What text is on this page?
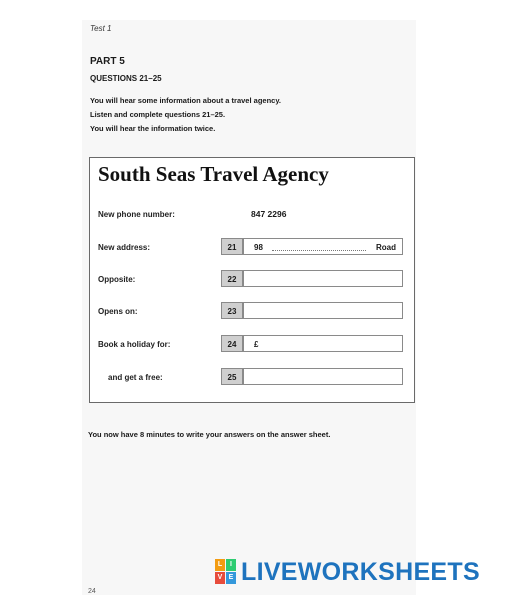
Test 1
PART 5
QUESTIONS 21–25
You will hear some information about a travel agency.
Listen and complete questions 21–25.
You will hear the information twice.
South Seas Travel Agency
New phone number:	847 2296
New address:	21	98	Road
Opposite:	22
Opens on:	23
Book a holiday for:	24	£
and get a free:	25
You now have 8 minutes to write your answers on the answer sheet.
L	I
V E LIVEWORKSHEETS
24
